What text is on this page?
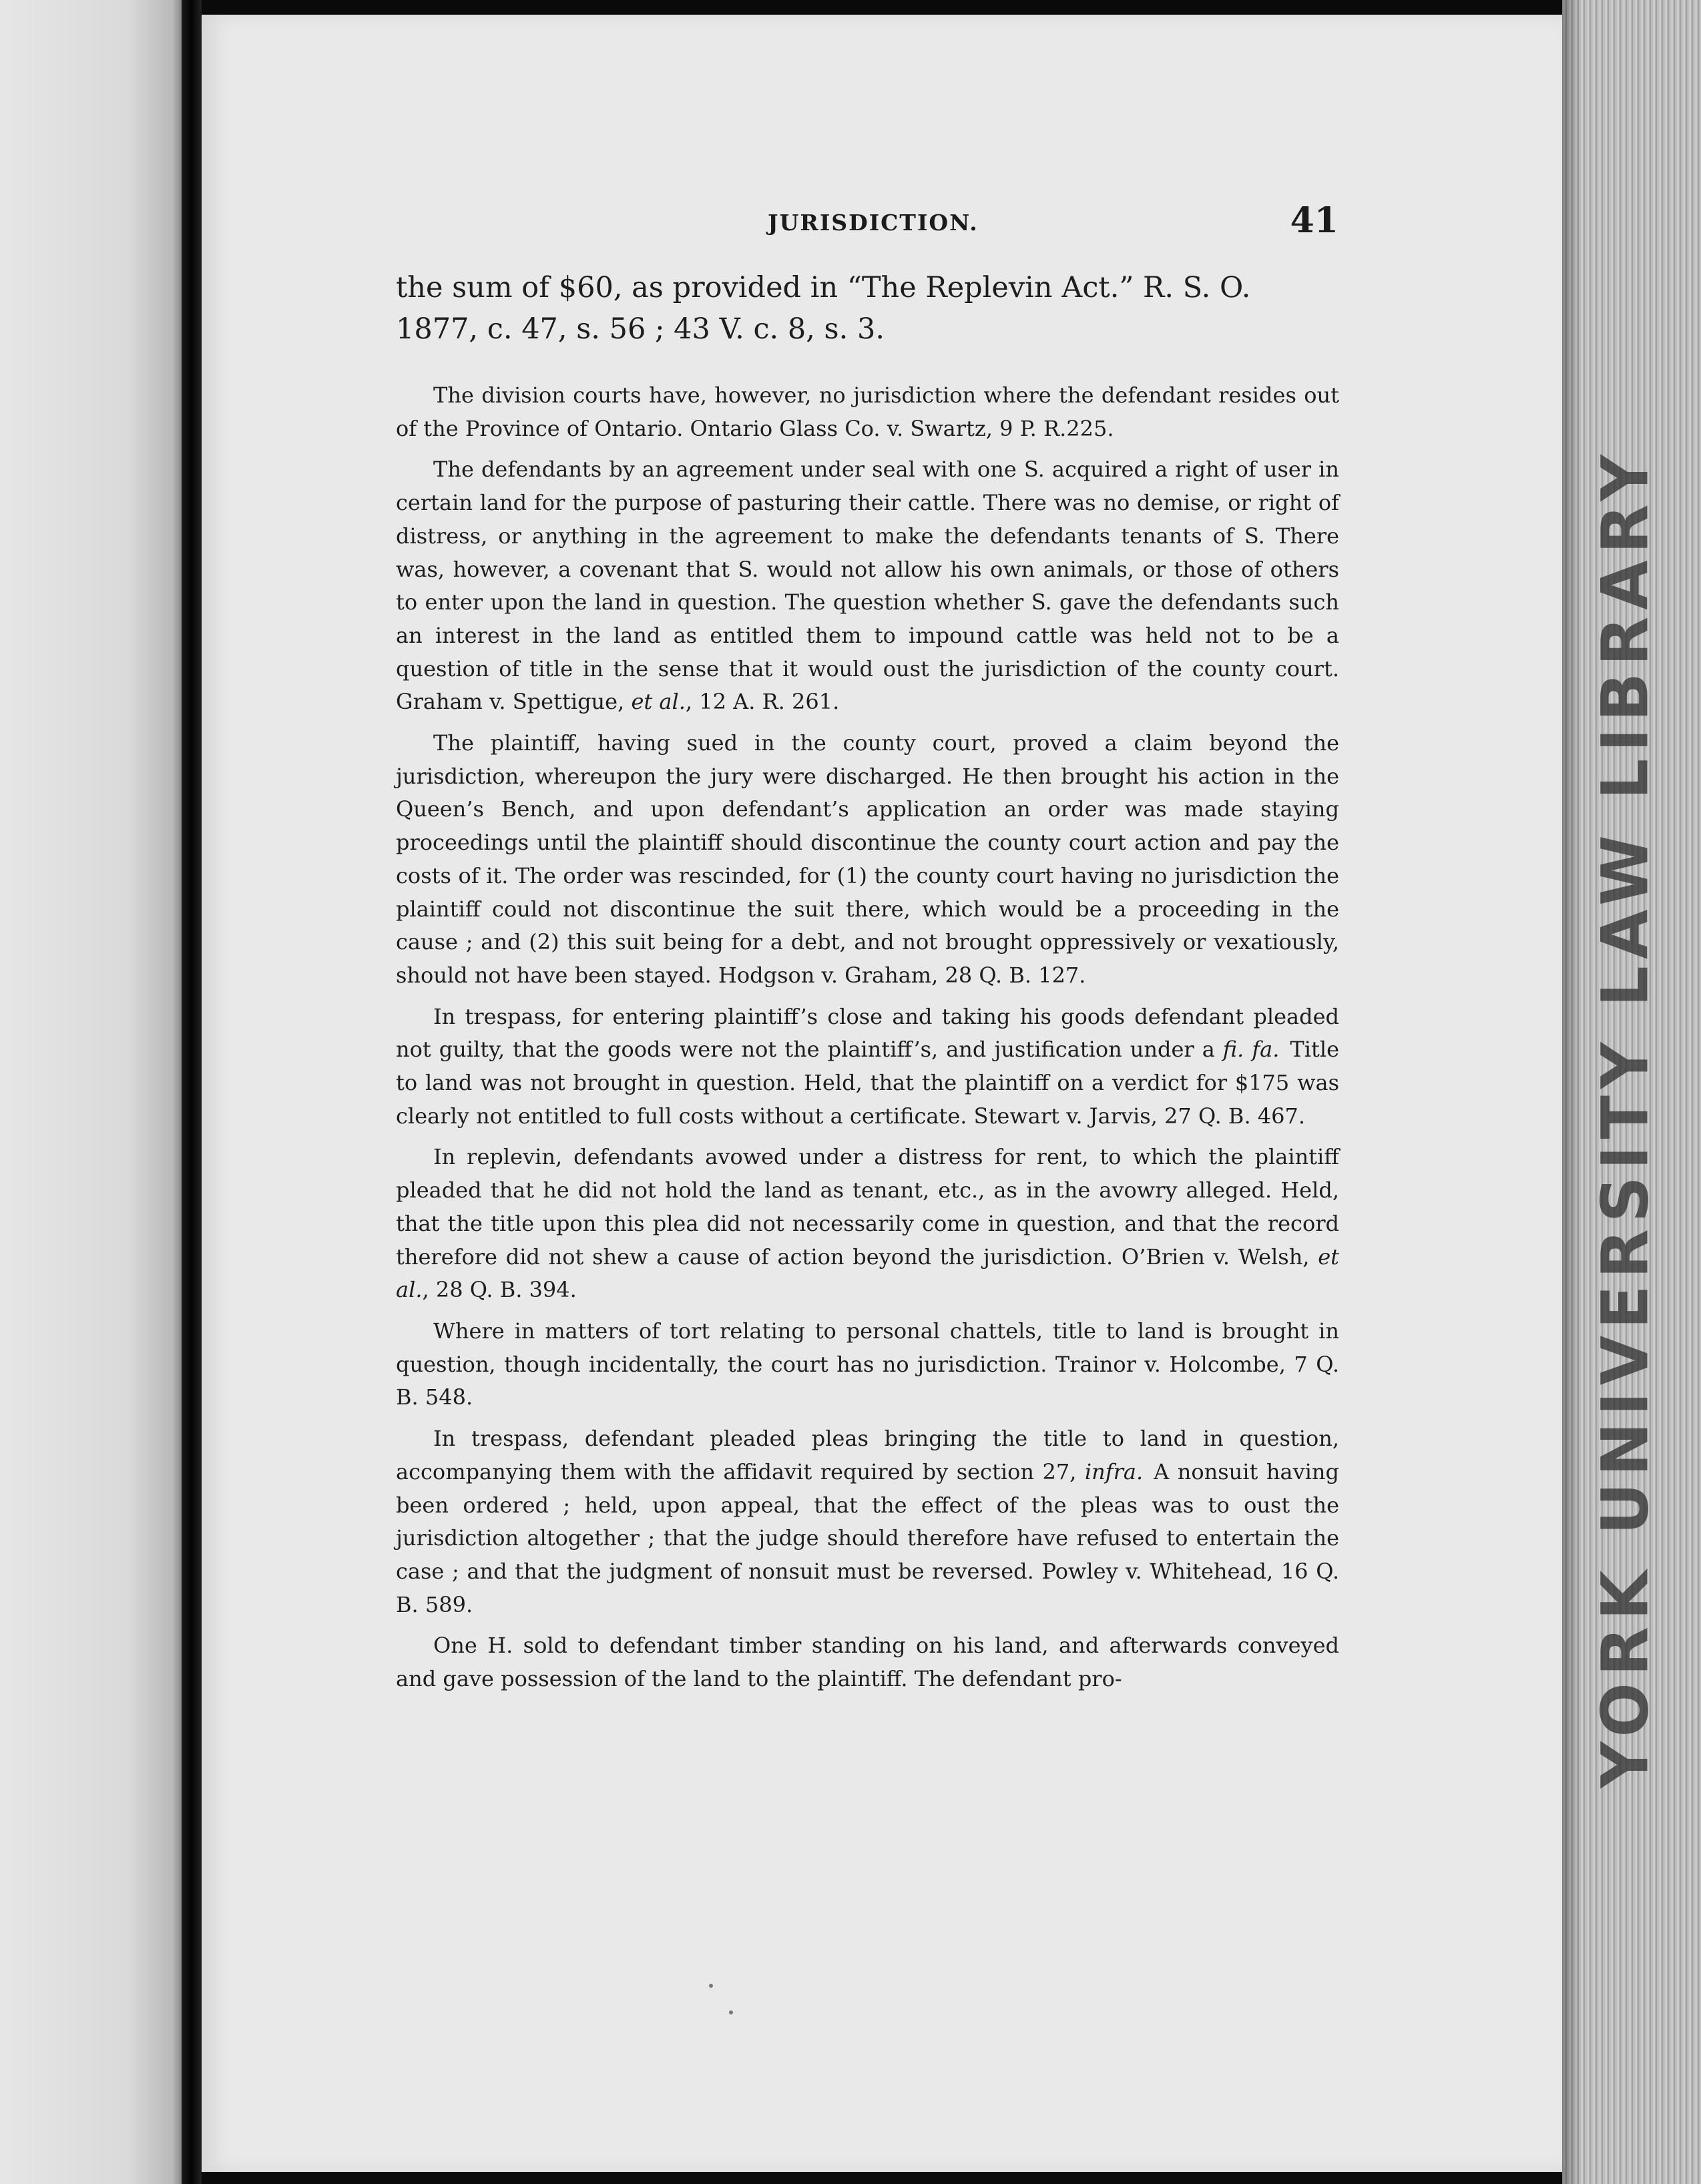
YORK UNIVERSITY LAW LIBRARY
JURISDICTION.	41

the sum of $60, as provided in “The Replevin Act.” R. S. O.
1877, c. 47, s. 56 ; 43 V. c. 8, s. 3.

The division courts have, however, no jurisdiction where the defendant resides out of the Province of Ontario. Ontario Glass Co. v. Swartz, 9 P. R.225.

The defendants by an agreement under seal with one S. acquired a right of user in certain land for the purpose of pasturing their cattle. There was no demise, or right of distress, or anything in the agreement to make the defendants tenants of S. There was, however, a covenant that S. would not allow his own animals, or those of others to enter upon the land in question. The question whether S. gave the defendants such an interest in the land as entitled them to impound cattle was held not to be a question of title in the sense that it would oust the jurisdiction of the county court. Graham v. Spettigue, et al., 12 A. R. 261.

The plaintiff, having sued in the county court, proved a claim beyond the jurisdiction, whereupon the jury were discharged. He then brought his action in the Queen’s Bench, and upon defendant’s application an order was made staying proceedings until the plaintiff should discontinue the county court action and pay the costs of it. The order was rescinded, for (1) the county court having no jurisdiction the plaintiff could not discontinue the suit there, which would be a proceeding in the cause ; and (2) this suit being for a debt, and not brought oppressively or vexatiously, should not have been stayed. Hodgson v. Graham, 28 Q. B. 127.

In trespass, for entering plaintiff’s close and taking his goods defendant pleaded not guilty, that the goods were not the plaintiff’s, and justification under a fi. fa. Title to land was not brought in question. Held, that the plaintiff on a verdict for $175 was clearly not entitled to full costs without a certificate. Stewart v. Jarvis, 27 Q. B. 467.

In replevin, defendants avowed under a distress for rent, to which the plaintiff pleaded that he did not hold the land as tenant, etc., as in the avowry alleged. Held, that the title upon this plea did not necessarily come in question, and that the record therefore did not shew a cause of action beyond the jurisdiction. O’Brien v. Welsh, et al., 28 Q. B. 394.

Where in matters of tort relating to personal chattels, title to land is brought in question, though incidentally, the court has no jurisdiction. Trainor v. Holcombe, 7 Q. B. 548.

In trespass, defendant pleaded pleas bringing the title to land in question, accompanying them with the affidavit required by section 27, infra. A nonsuit having been ordered ; held, upon appeal, that the effect of the pleas was to oust the jurisdiction altogether ; that the judge should therefore have refused to entertain the case ; and that the judgment of nonsuit must be reversed. Powley v. Whitehead, 16 Q. B. 589.

One H. sold to defendant timber standing on his land, and afterwards conveyed and gave possession of the land to the plaintiff. The defendant pro-
